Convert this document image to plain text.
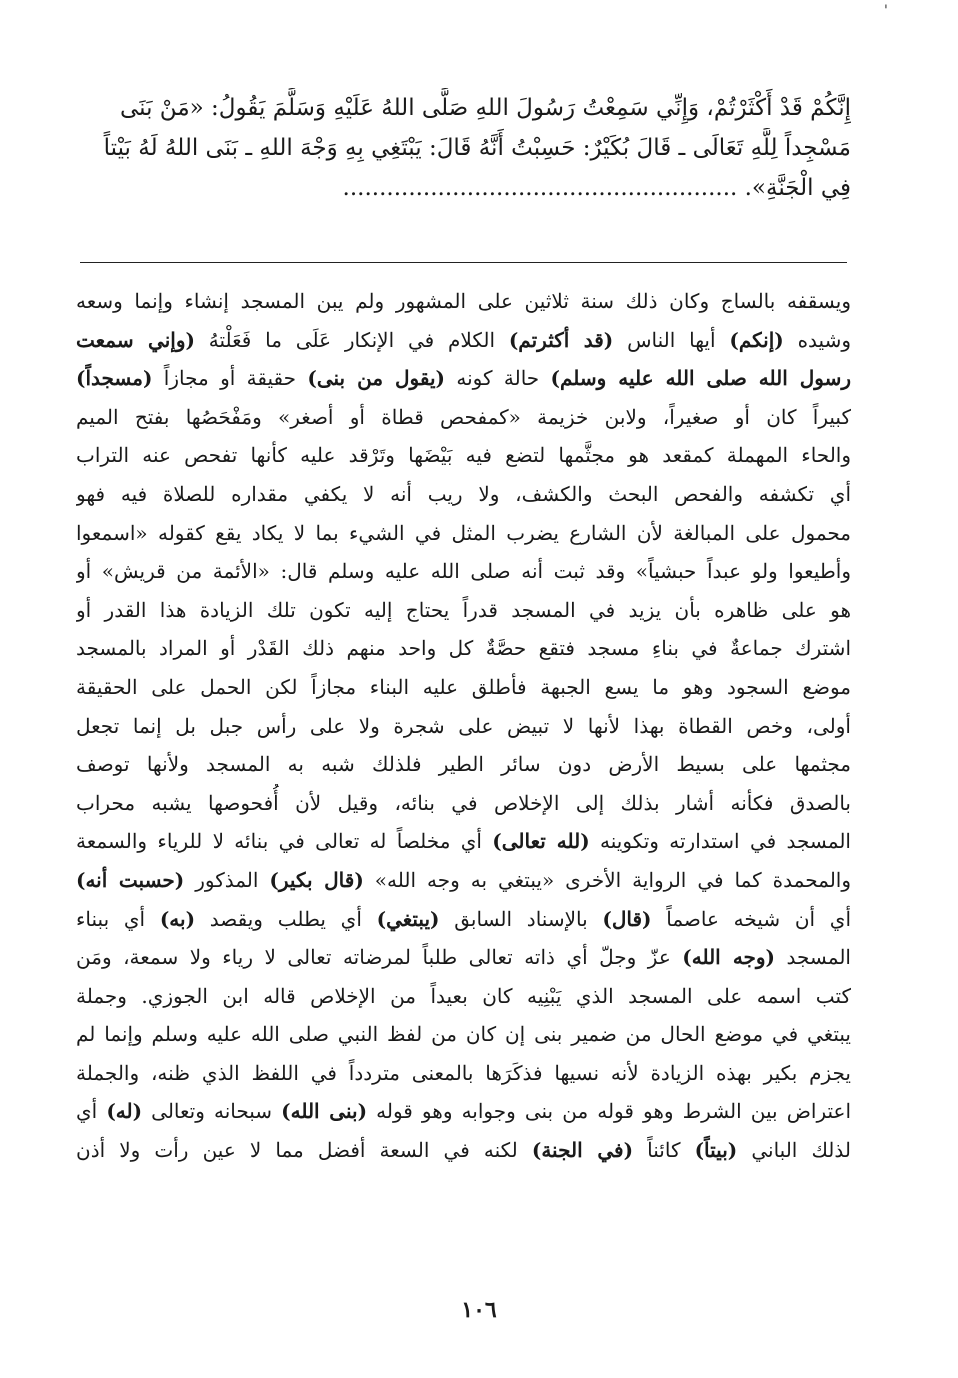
'
إِنَّكُمْ قَدْ أَكْثَرْتُمْ، وَإِنِّي سَمِعْتُ رَسُولَ اللهِ صَلَّى اللهُ عَلَيْهِ وَسَلَّمَ يَقُولُ: «مَنْ بَنَى
مَسْجِداً لِلَّهِ تَعَالَى ـ قَالَ بُكَيْرٌ: حَسِبْتُ أَنَّهُ قَالَ: يَبْتَغِي بِهِ وَجْهَ اللهِ ـ بَنَى اللهُ لَهُ بَيْتاً
فِي الْجَنَّةِ». ......................................................
ويسقفه بالساج وكان ذلك سنة ثلاثين على المشهور ولم يبن المسجد إنشاء وإنما وسعه
وشيده (إنكم) أيها الناس (قد أكثرتم) الكلام في الإنكار عَلَى ما فَعَلْتهُ (وإني سمعت
رسول الله صلى الله عليه وسلم) حالة كونه (يقول من بنى) حقيقة أو مجازاً (مسجداً)
كبيراً كان أو صغيراً، ولابن خزيمة «كمفحص قطاة أو أصغر» ومَفْحَصُها بفتح الميم
والحاء المهملة كمقعد هو مجثَّمها لتضع فيه بَيْضَها وتَرْقد عليه كأنها تفحص عنه التراب
أي تكشفه والفحص البحث والكشف، ولا ريب أنه لا يكفي مقداره للصلاة فيه فهو
محمول على المبالغة لأن الشارع يضرب المثل في الشيء بما لا يكاد يقع كقوله «اسمعوا
وأطيعوا ولو عبداً حبشياً» وقد ثبت أنه صلى الله عليه وسلم قال: «الأئمة من قريش» أو
هو على ظاهره بأن يزيد في المسجد قدراً يحتاج إليه تكون تلك الزيادة هذا القدر أو
اشترك جماعةٌ في بناءِ مسجد فتقع حصَّةٌ كل واحد منهم ذلك القَدْر أو المراد بالمسجد
موضع السجود وهو ما يسع الجبهة فأطلق عليه البناء مجازاً لكن الحمل على الحقيقة
أولى، وخص القطاة بهذا لأنها لا تبيض على شجرة ولا على رأس جبل بل إنما تجعل
مجثمها على بسيط الأرض دون سائر الطير فلذلك شبه به المسجد ولأنها توصف
بالصدق فكأنه أشار بذلك إلى الإخلاص في بنائه، وقيل لأن أُفحوصها يشبه محراب
المسجد في استدارته وتكوينه (لله تعالى) أي مخلصاً له تعالى في بنائه لا للرياء والسمعة
والمحمدة كما في الرواية الأخرى «يبتغي به وجه الله» (قال بكير) المذكور (حسبت أنه)
أي أن شيخه عاصماً (قال) بالإسناد السابق (يبتغي) أي يطلب ويقصد (به) أي ببناء
المسجد (وجه الله) عزّ وجلّ أي ذاته تعالى طلباً لمرضاته تعالى لا رياء ولا سمعة، ومَن
كتب اسمه على المسجد الذي يَبْنِيه كان بعيداً من الإخلاص قاله ابن الجوزي. وجملة
يبتغي في موضع الحال من ضمير بنى إن كان من لفظ النبي صلى الله عليه وسلم وإنما لم
يجزم بكير بهذه الزيادة لأنه نسيها فذكَرَها بالمعنى متردداً في اللفظ الذي ظنه، والجملة
اعتراض بين الشرط وهو قوله من بنى وجوابه وهو قوله (بنى الله) سبحانه وتعالى (له) أي
لذلك الباني (بيتاً) كائناً (في الجنة) لكنه في السعة أفضل مما لا عين رأت ولا أذن
١٠٦
